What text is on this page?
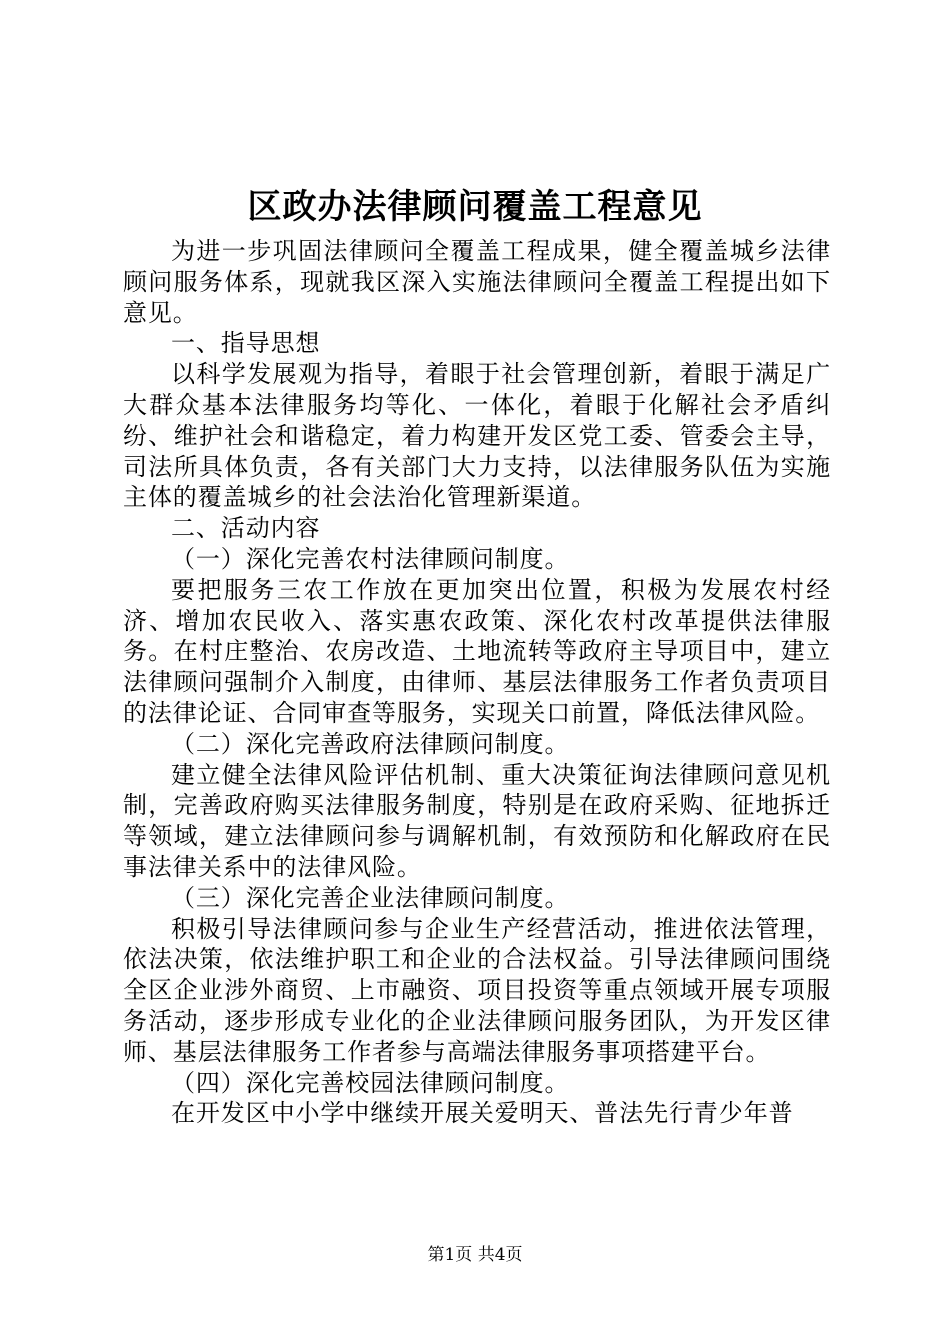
区政办法律顾问覆盖工程意见

为进一步巩固法律顾问全覆盖工程成果，健全覆盖城乡法律顾问服务体系，现就我区深入实施法律顾问全覆盖工程提出如下意见。

一、指导思想

以科学发展观为指导，着眼于社会管理创新，着眼于满足广大群众基本法律服务均等化、一体化，着眼于化解社会矛盾纠纷、维护社会和谐稳定，着力构建开发区党工委、管委会主导，司法所具体负责，各有关部门大力支持，以法律服务队伍为实施主体的覆盖城乡的社会法治化管理新渠道。

二、活动内容

（一）深化完善农村法律顾问制度。

要把服务三农工作放在更加突出位置，积极为发展农村经济、增加农民收入、落实惠农政策、深化农村改革提供法律服务。在村庄整治、农房改造、土地流转等政府主导项目中，建立法律顾问强制介入制度，由律师、基层法律服务工作者负责项目的法律论证、合同审查等服务，实现关口前置，降低法律风险。

（二）深化完善政府法律顾问制度。

建立健全法律风险评估机制、重大决策征询法律顾问意见机制，完善政府购买法律服务制度，特别是在政府采购、征地拆迁等领域，建立法律顾问参与调解机制，有效预防和化解政府在民事法律关系中的法律风险。

（三）深化完善企业法律顾问制度。

积极引导法律顾问参与企业生产经营活动，推进依法管理，依法决策，依法维护职工和企业的合法权益。引导法律顾问围绕全区企业涉外商贸、上市融资、项目投资等重点领域开展专项服务活动，逐步形成专业化的企业法律顾问服务团队，为开发区律师、基层法律服务工作者参与高端法律服务事项搭建平台。

（四）深化完善校园法律顾问制度。

在开发区中小学中继续开展关爱明天、普法先行青少年普

第1页 共4页
